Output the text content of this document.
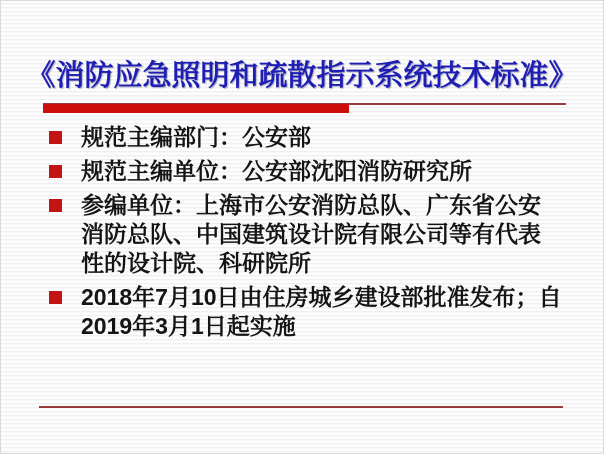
《消防应急照明和疏散指示系统技术标准》
规范主编部门：公安部
规范主编单位：公安部沈阳消防研究所
参编单位：上海市公安消防总队、广东省公安
消防总队、中国建筑设计院有限公司等有代表
性的设计院、科研院所
2018年7月10日由住房城乡建设部批准发布；自
2019年3月1日起实施
